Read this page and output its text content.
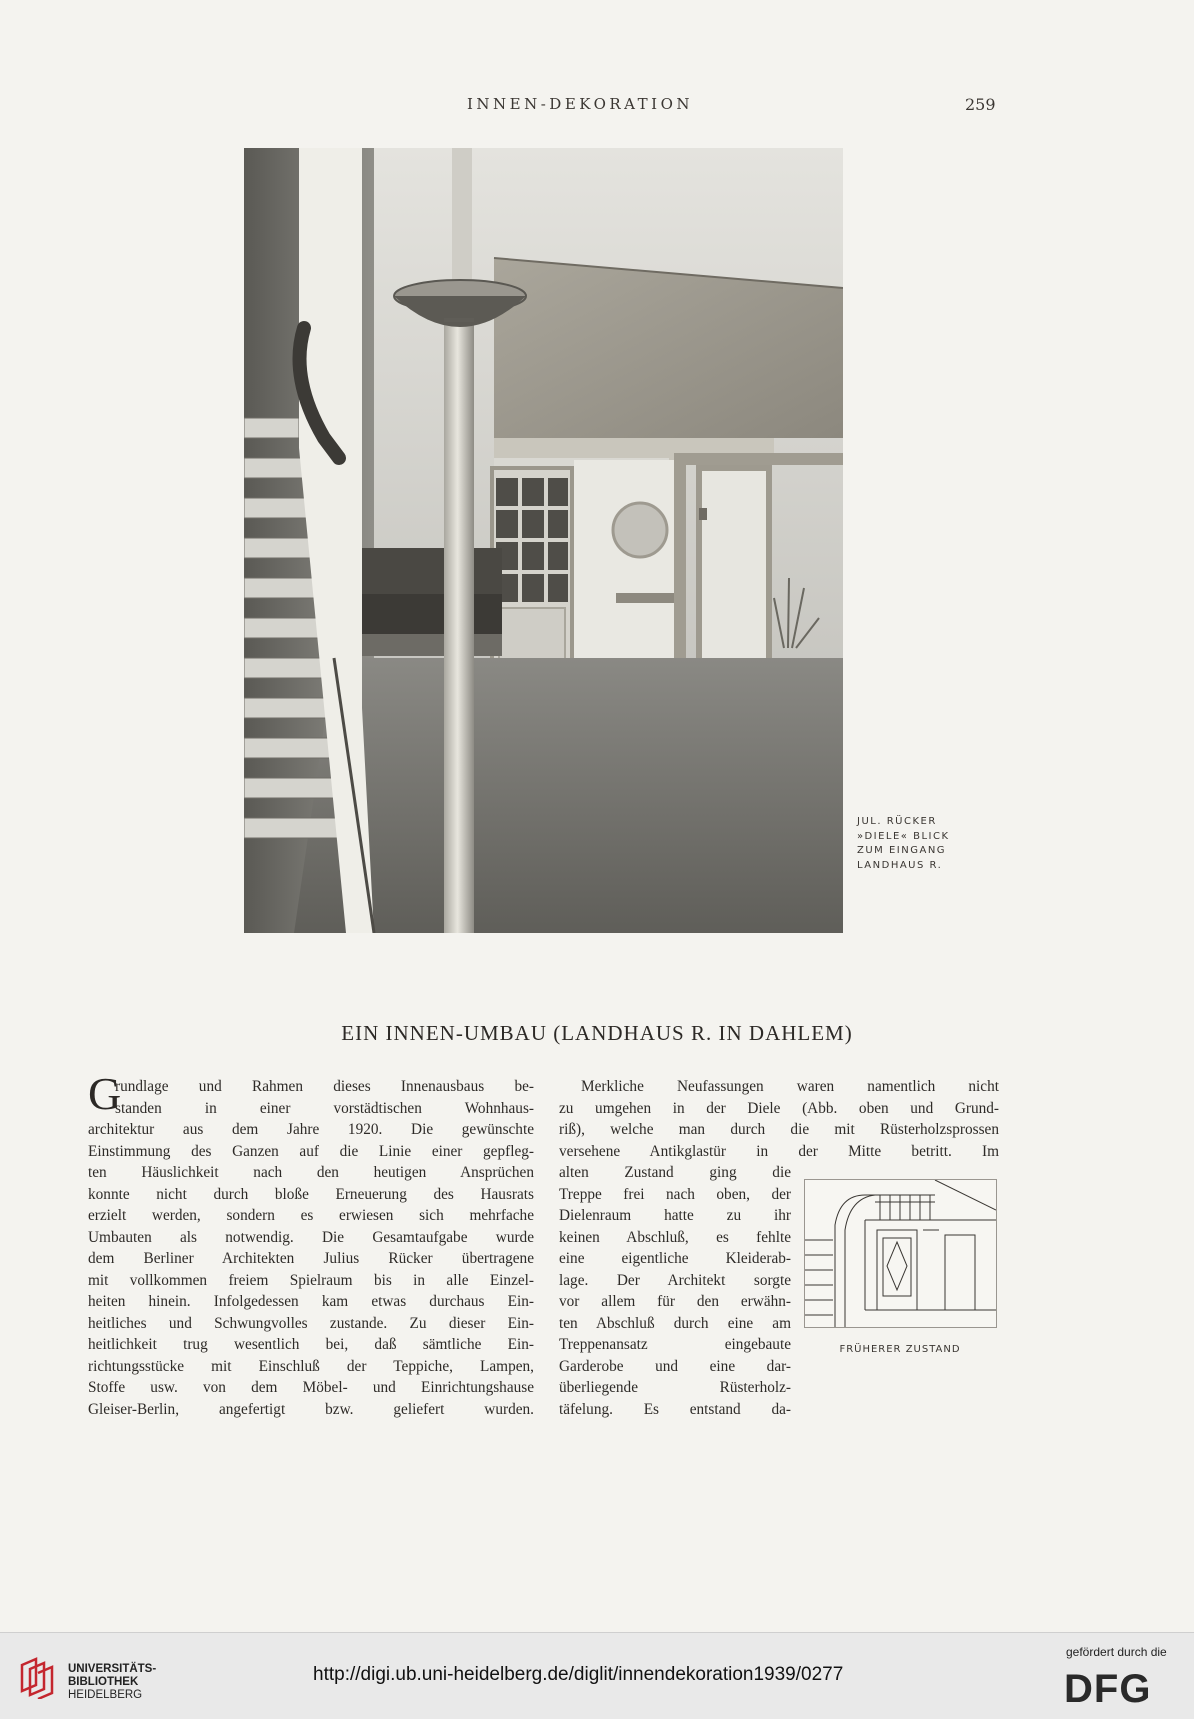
INNEN-DEKORATION	259
JUL. RÜCKER
»DIELE« BLICK
ZUM EINGANG
LANDHAUS R.
EIN INNEN-UMBAU (LANDHAUS R. IN DAHLEM)
G
rundlage und Rahmen dieses Innenausbaus be-
standen in einer vorstädtischen Wohnhaus-
architektur aus dem Jahre 1920. Die gewünschte
Einstimmung des Ganzen auf die Linie einer gepfleg-
ten Häuslichkeit nach den heutigen Ansprüchen
konnte nicht durch bloße Erneuerung des Hausrats
erzielt werden, sondern es erwiesen sich mehrfache
Umbauten als notwendig. Die Gesamtaufgabe wurde
dem Berliner Architekten Julius Rücker übertragene
mit vollkommen freiem Spielraum bis in alle Einzel-
heiten hinein. Infolgedessen kam etwas durchaus Ein-
heitliches und Schwungvolles zustande. Zu dieser Ein-
heitlichkeit trug wesentlich bei, daß sämtliche Ein-
richtungsstücke mit Einschluß der Teppiche, Lampen,
Stoffe usw. von dem Möbel- und Einrichtungshause
Gleiser-Berlin, angefertigt bzw. geliefert wurden.
Merkliche Neufassungen waren namentlich nicht
zu umgehen in der Diele (Abb. oben und Grund-
riß), welche man durch die mit Rüsterholzsprossen
versehene Antikglastür in der Mitte betritt. Im
alten Zustand ging die
Treppe frei nach oben, der
Dielenraum hatte zu ihr
keinen Abschluß, es fehlte
eine eigentliche Kleiderab-
lage. Der Architekt sorgte
vor allem für den erwähn-
ten Abschluß durch eine am
Treppenansatz eingebaute
Garderobe und eine dar-
überliegende Rüsterholz-
täfelung. Es entstand da-
FRÜHERER ZUSTAND
UNIVERSITÄTS-
BIBLIOTHEK
HEIDELBERG
http://digi.ub.uni-heidelberg.de/diglit/innendekoration1939/0277
gefördert durch die
DFG
